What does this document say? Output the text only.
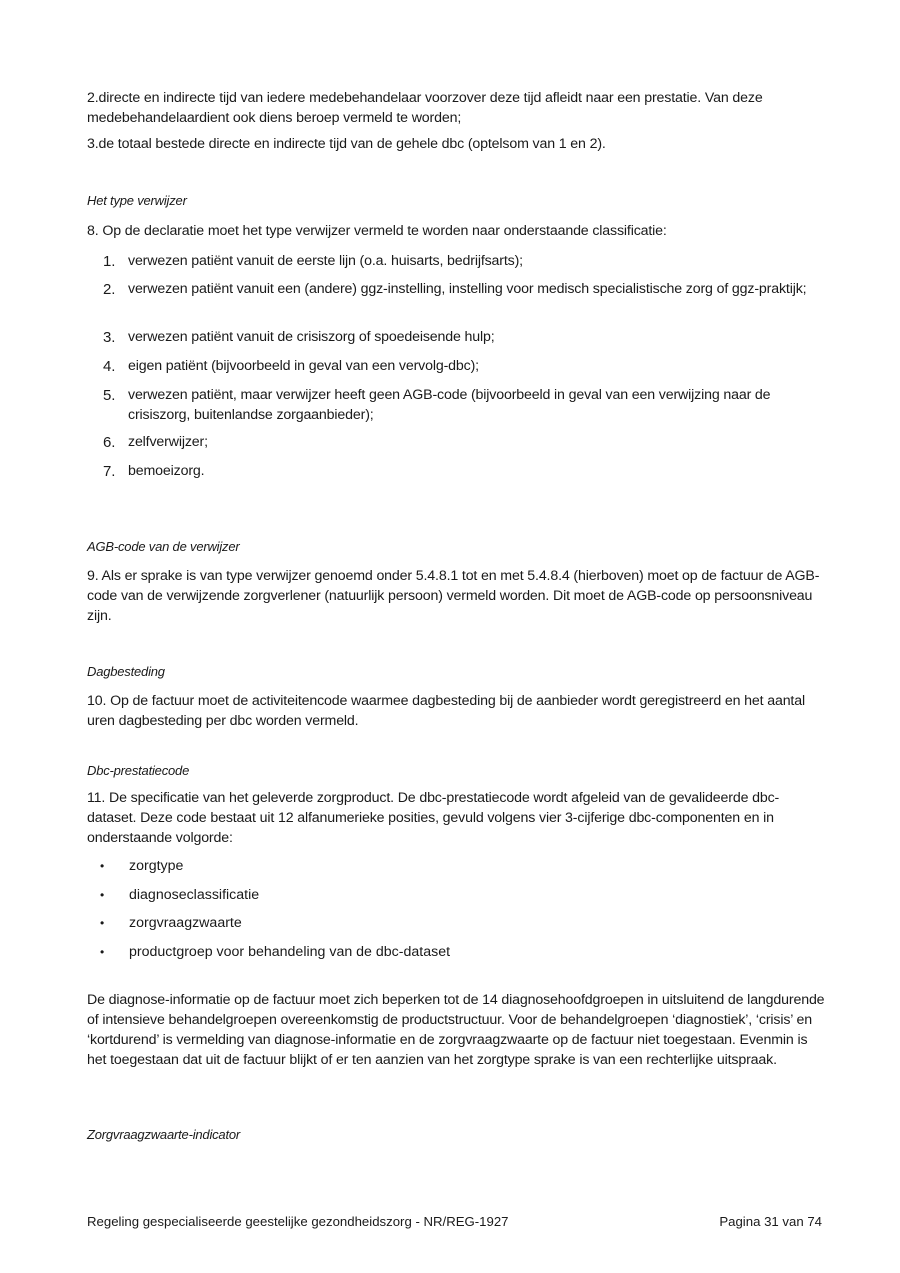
2.directe en indirecte tijd van iedere medebehandelaar voorzover deze tijd afleidt naar een prestatie. Van deze medebehandelaardient ook diens beroep vermeld te worden;
3.de totaal bestede directe en indirecte tijd van de gehele dbc (optelsom van 1 en 2).
Het type verwijzer
8. Op de declaratie moet het type verwijzer vermeld te worden naar onderstaande classificatie:
1. verwezen patiënt vanuit de eerste lijn (o.a. huisarts, bedrijfsarts);
2. verwezen patiënt vanuit een (andere) ggz-instelling, instelling voor medisch specialistische zorg of ggz-praktijk;
3. verwezen patiënt vanuit de crisiszorg of spoedeisende hulp;
4. eigen patiënt (bijvoorbeeld in geval van een vervolg-dbc);
5. verwezen patiënt, maar verwijzer heeft geen AGB-code (bijvoorbeeld in geval van een verwijzing naar de crisiszorg, buitenlandse zorgaanbieder);
6. zelfverwijzer;
7. bemoeizorg.
AGB-code van de verwijzer
9. Als er sprake is van type verwijzer genoemd onder 5.4.8.1 tot en met 5.4.8.4 (hierboven) moet op de factuur de AGB-code van de verwijzende zorgverlener (natuurlijk persoon) vermeld worden. Dit moet de AGB-code op persoonsniveau zijn.
Dagbesteding
10. Op de factuur moet de activiteitencode waarmee dagbesteding bij de aanbieder wordt geregistreerd en het aantal uren dagbesteding per dbc worden vermeld.
Dbc-prestatiecode
11. De specificatie van het geleverde zorgproduct. De dbc-prestatiecode wordt afgeleid van de gevalideerde dbc-dataset. Deze code bestaat uit 12 alfanumerieke posities, gevuld volgens vier 3-cijferige dbc-componenten en in onderstaande volgorde:
• zorgtype
• diagnoseclassificatie
• zorgvraagzwaarte
• productgroep voor behandeling van de dbc-dataset
De diagnose-informatie op de factuur moet zich beperken tot de 14 diagnosehoofdgroepen in uitsluitend de langdurende of intensieve behandelgroepen overeenkomstig de productstructuur. Voor de behandelgroepen ‘diagnostiek’, ‘crisis’ en ‘kortdurend’ is vermelding van diagnose-informatie en de zorgvraagzwaarte op de factuur niet toegestaan. Evenmin is het toegestaan dat uit de factuur blijkt of er ten aanzien van het zorgtype sprake is van een rechterlijke uitspraak.
Zorgvraagzwaarte-indicator
Regeling gespecialiseerde geestelijke gezondheidszorg - NR/REG-1927	Pagina 31 van 74
